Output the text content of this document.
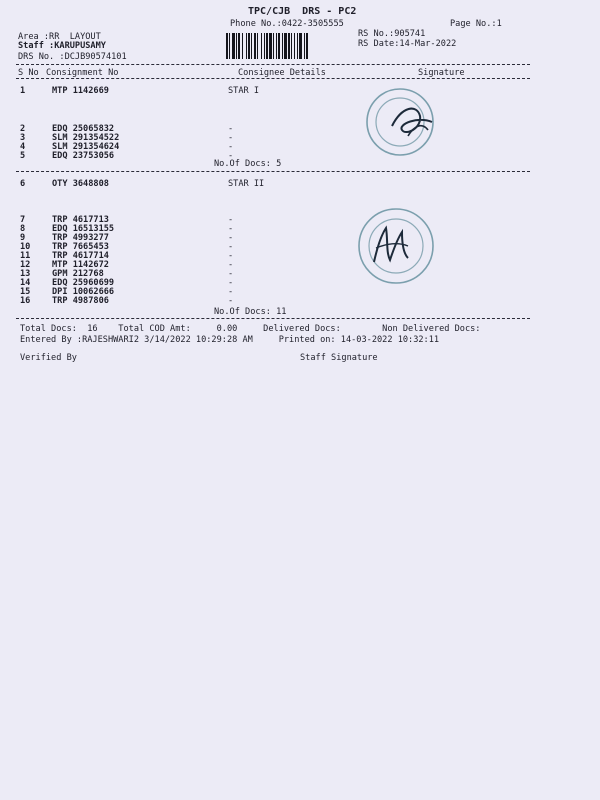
TPC/CJB  DRS - PC2
Phone No.:0422-3505555	Page No.:1
Area :RR  LAYOUT
Staff :KARUPUSAMY
DRS No. :DCJB90574101
RS No.:905741
RS Date:14-Mar-2022
S No Consignment No	Consignee Details	Signature
1	MTP 1142669	STAR I
2	EDQ 25065832	-
3	SLM 291354522	-
4	SLM 291354624	-
5	EDQ 23753056	-
No.Of Docs: 5
6	OTY 3648808	STAR II
7	TRP 4617713	-
8	EDQ 16513155	-
9	TRP 4993277	-
10	TRP 7665453	-
11	TRP 4617714	-
12	MTP 1142672	-
13	GPM 212768	-
14	EDQ 25960699	-
15	DPI 10062666	-
16	TRP 4987806	-
No.Of Docs: 11
Total Docs:  16    Total COD Amt:     0.00     Delivered Docs:        Non Delivered Docs:
Entered By :RAJESHWARI2 3/14/2022 10:29:28 AM     Printed on: 14-03-2022 10:32:11
Verified By	Staff Signature
